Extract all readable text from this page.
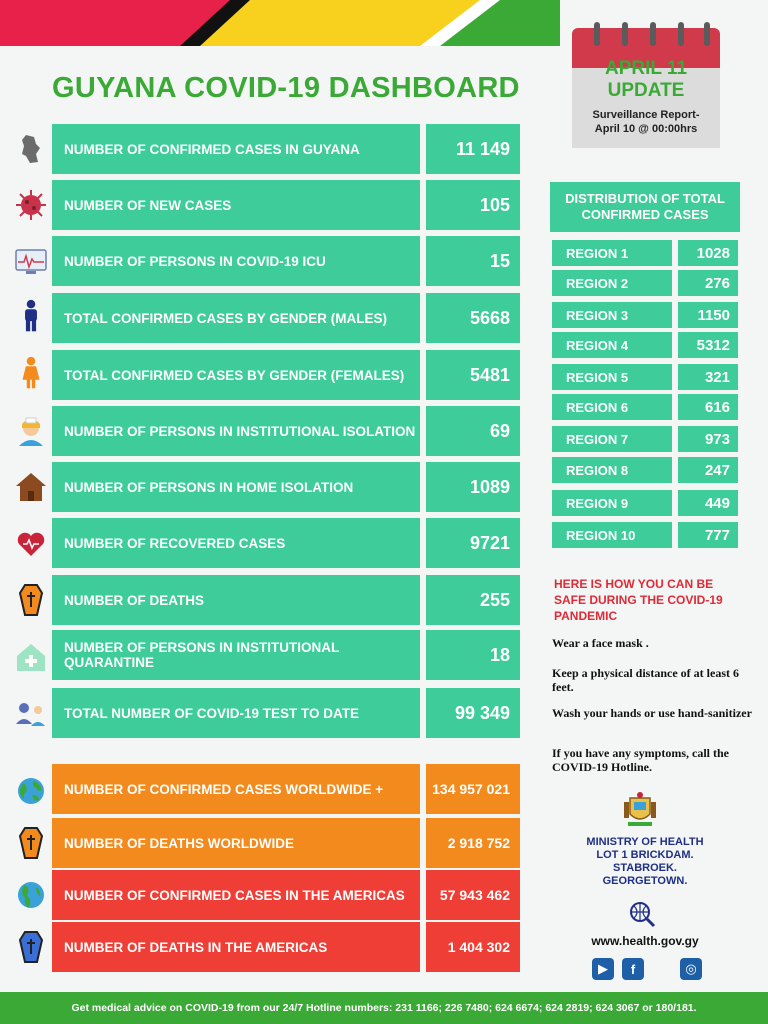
GUYANA COVID-19 DASHBOARD
APRIL 11
UPDATE
Surveillance Report-
April 10 @ 00:00hrs
NUMBER OF CONFIRMED CASES IN GUYANA	11 149
NUMBER OF NEW CASES	105
NUMBER OF PERSONS IN COVID-19 ICU	15
TOTAL CONFIRMED CASES BY GENDER (MALES)	5668
TOTAL CONFIRMED CASES BY GENDER (FEMALES)	5481
NUMBER OF PERSONS IN INSTITUTIONAL ISOLATION	69
NUMBER OF PERSONS IN HOME ISOLATION	1089
NUMBER OF RECOVERED CASES	9721
NUMBER OF DEATHS	255
NUMBER OF PERSONS IN INSTITUTIONAL QUARANTINE	18
TOTAL NUMBER OF COVID-19 TEST TO DATE	99 349
NUMBER OF CONFIRMED CASES WORLDWIDE +	134 957 021
NUMBER OF DEATHS WORLDWIDE	2 918 752
NUMBER OF CONFIRMED CASES IN THE AMERICAS	57 943 462
NUMBER OF DEATHS IN THE AMERICAS	1 404 302
DISTRIBUTION OF TOTAL CONFIRMED CASES
REGION 1	1028
REGION 2	276
REGION 3	1150
REGION 4	5312
REGION 5	321
REGION 6	616
REGION 7	973
REGION 8	247
REGION 9	449
REGION 10	777
HERE IS HOW YOU CAN BE SAFE DURING THE COVID-19 PANDEMIC
Wear a face mask .
Keep a physical distance of at least 6 feet.
Wash your hands or use hand-sanitizer
If you have any symptoms, call the COVID-19 Hotline.
MINISTRY OF HEALTH
LOT 1 BRICKDAM.
STABROEK.
GEORGETOWN.
www.health.gov.gy
▶	f	◎
Get medical advice on COVID-19 from our 24/7 Hotline numbers: 231 1166; 226 7480; 624 6674; 624 2819; 624 3067 or 180/181.
